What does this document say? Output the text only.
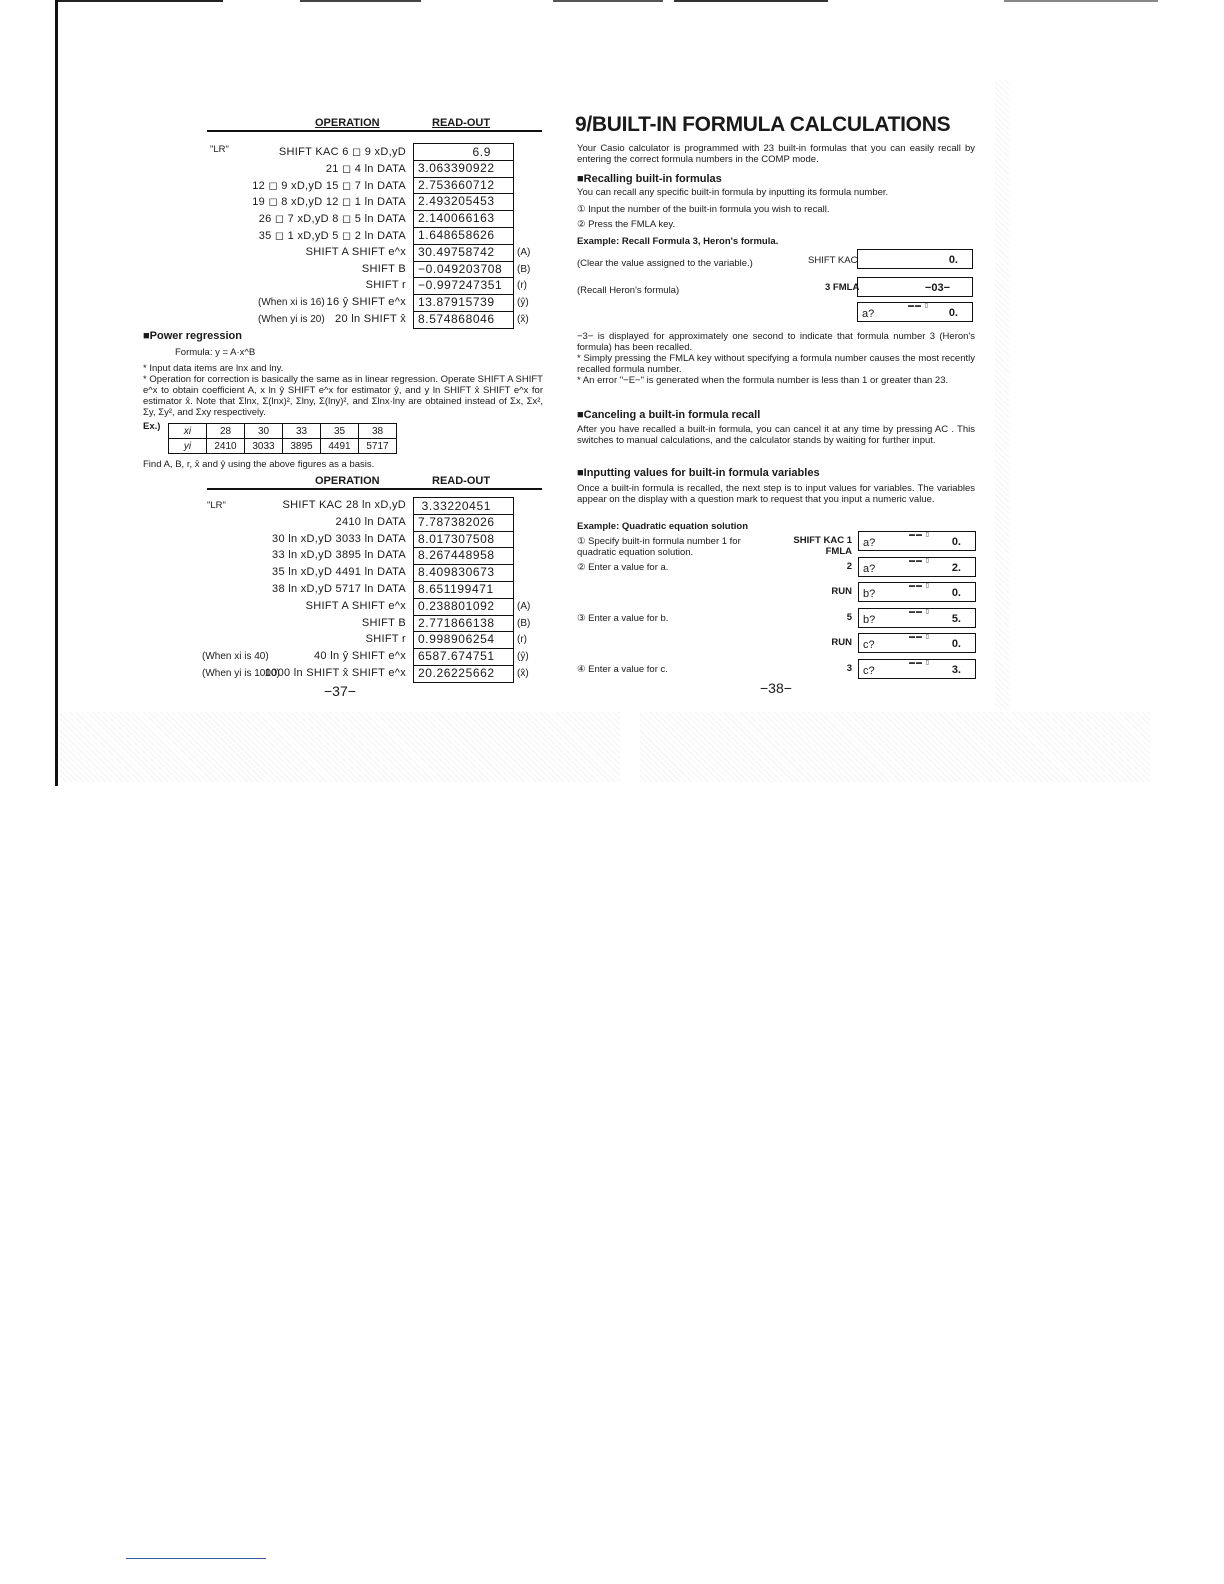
OPERATION	READ-OUT
"LR"	SHIFT KAC 6 ◻ 9 xD,yD	6.9
21 ◻ 4 ln DATA	3.063390922
12 ◻ 9 xD,yD 15 ◻ 7 ln DATA	2.753660712
19 ◻ 8 xD,yD 12 ◻ 1 ln DATA	2.493205453
26 ◻ 7 xD,yD 8 ◻ 5 ln DATA	2.140066163
35 ◻ 1 xD,yD 5 ◻ 2 ln DATA	1.648658626
SHIFT A SHIFT e^x	30.49758742	(A)
SHIFT B	−0.049203708	(B)
SHIFT r	−0.997247351	(r)
16 ŷ SHIFT e^x	13.87915739	(ŷ)
(When xi is 16)
20 ln SHIFT x̂	8.574868046	(x̂)
(When yi is 20)
■Power regression
Formula: y = A·x^B
* Input data items are lnx and lny.
* Operation for correction is basically the same as in linear regression. Operate SHIFT A SHIFT e^x to obtain coefficient A, x ln ŷ SHIFT e^x for estimator ŷ, and y ln SHIFT x̂ SHIFT e^x for estimator x̂. Note that Σlnx, Σ(lnx)², Σlny, Σ(lny)², and Σlnx·lny are obtained instead of Σx, Σx², Σy, Σy², and Σxy respectively.
Ex.) xi	28	30	33	35	38
yi	2410	3033	3895	4491	5717
Find A, B, r, x̂ and ŷ using the above figures as a basis.
OPERATION	READ-OUT
"LR"	SHIFT KAC 28 ln xD,yD	3.33220451
2410 ln DATA	7.787382026
30 ln xD,yD 3033 ln DATA	8.017307508
33 ln xD,yD 3895 ln DATA	8.267448958
35 ln xD,yD 4491 ln DATA	8.409830673
38 ln xD,yD 5717 ln DATA	8.651199471
SHIFT A SHIFT e^x	0.238801092	(A)
SHIFT B	2.771866138	(B)
SHIFT r	0.998906254	(r)
40 ln ŷ SHIFT e^x	6587.674751	(ŷ)
(When xi is 40)
1000 ln SHIFT x̂ SHIFT e^x	20.26225662	(x̂)
(When yi is 1000)
−37−
9/BUILT-IN FORMULA CALCULATIONS
Your Casio calculator is programmed with 23 built-in formulas that you can easily recall by entering the correct formula numbers in the COMP mode.
■Recalling built-in formulas
You can recall any specific built-in formula by inputting its formula number.
① Input the number of the built-in formula you wish to recall.
② Press the FMLA key.
Example: Recall Formula 3, Heron's formula.
(Clear the value assigned to the variable.)	SHIFT KAC	0.
(Recall Heron's formula)	3 FMLA	−03−
▬▬ ▯
a?	0.
−3− is displayed for approximately one second to indicate that formula number 3 (Heron's formula) has been recalled.
* Simply pressing the FMLA key without specifying a formula number causes the most recently recalled formula number.
* An error "−E−" is generated when the formula number is less than 1 or greater than 23.
■Canceling a built-in formula recall
After you have recalled a built-in formula, you can cancel it at any time by pressing AC . This switches to manual calculations, and the calculator stands by waiting for further input.
■Inputting values for built-in formula variables
Once a built-in formula is recalled, the next step is to input values for variables. The variables appear on the display with a question mark to request that you input a numeric value.
Example: Quadratic equation solution
① Specify built-in formula number 1 for quadratic equation solution.
SHIFT KAC 1 FMLA
▬▬ ▯
a?	0.
② Enter a value for a.	2	▬▬ ▯
a?	2.
RUN	▬▬ ▯
b?	0.
③ Enter a value for b.	5	▬▬ ▯
b?	5.
RUN	▬▬ ▯
c?	0.
④ Enter a value for c.	3	▬▬ ▯
c?	3.
−38−
